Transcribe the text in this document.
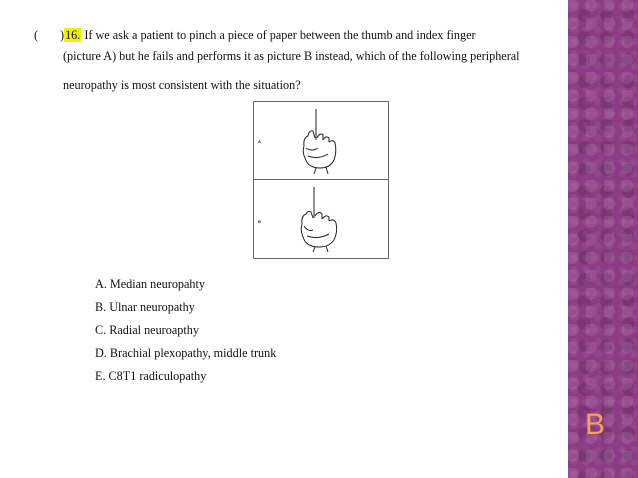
( )16. If we ask a patient to pinch a piece of paper between the thumb and index finger
(picture A) but he fails and performs it as picture B instead, which of the following peripheral
neuropathy is most consistent with the situation?
A
B
A. Median neuropahty
B. Ulnar neuropathy
C. Radial neuroapthy
D. Brachial plexopathy, middle trunk
E. C8T1 radiculopathy
B
